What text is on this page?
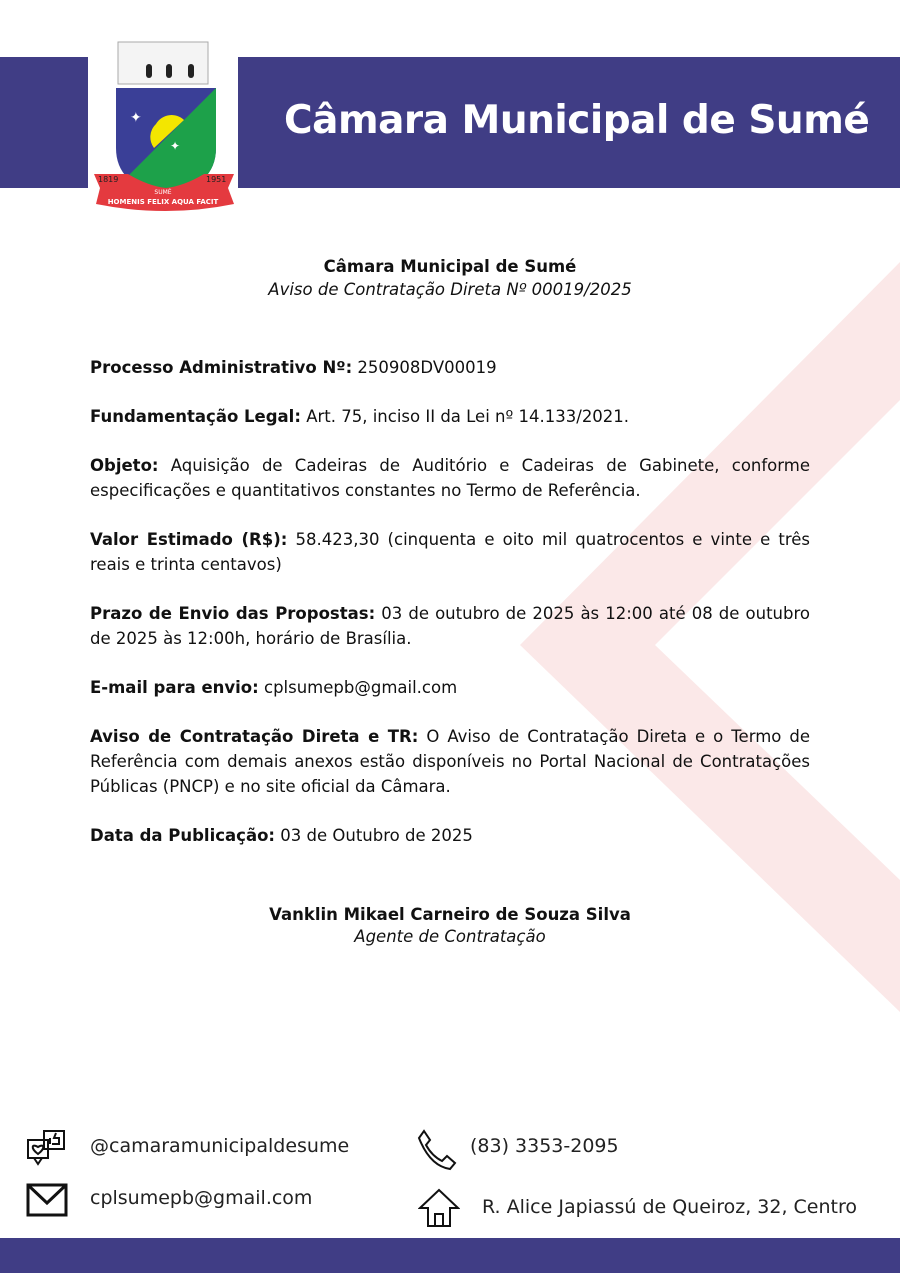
Câmara Municipal de Sumé
✦
✦
1819	1951
SUMÉ
HOMENIS FELIX AQUA FACIT
Câmara Municipal de Sumé
Aviso de Contratação Direta Nº 00019/2025

Processo Administrativo Nº: 250908DV00019

Fundamentação Legal: Art. 75, inciso II da Lei nº 14.133/2021.

Objeto: Aquisição de Cadeiras de Auditório e Cadeiras de Gabinete, conforme especificações e quantitativos constantes no Termo de Referência.

Valor Estimado (R$): 58.423,30 (cinquenta e oito mil quatrocentos e vinte e três reais e trinta centavos)

Prazo de Envio das Propostas: 03 de outubro de 2025 às 12:00 até 08 de outubro de 2025 às 12:00h, horário de Brasília.

E-mail para envio: cplsumepb@gmail.com

Aviso de Contratação Direta e TR: O Aviso de Contratação Direta e o Termo de Referência com demais anexos estão disponíveis no Portal Nacional de Contratações Públicas (PNCP) e no site oficial da Câmara.

Data da Publicação: 03 de Outubro de 2025

Vanklin Mikael Carneiro de Souza Silva
Agente de Contratação
@camaramunicipaldesume
cplsumepb@gmail.com
(83) 3353-2095
R. Alice Japiassú de Queiroz, 32, Centro
